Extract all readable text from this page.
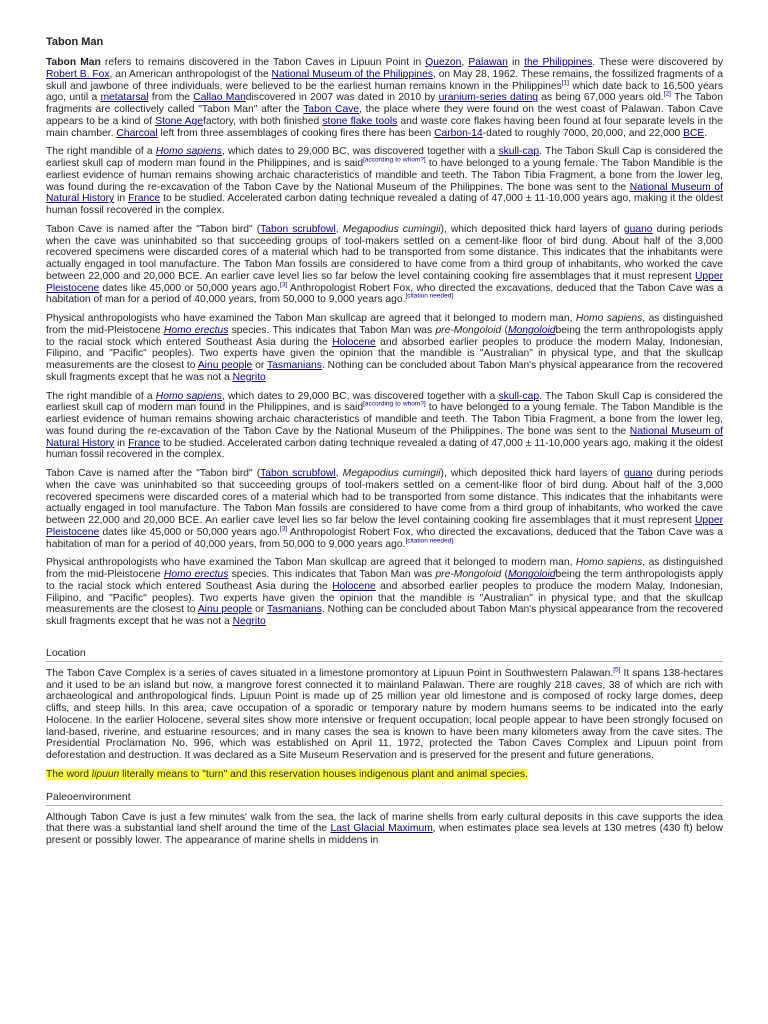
Tabon Man

Tabon Man refers to remains discovered in the Tabon Caves in Lipuun Point in Quezon, Palawan in the Philippines. These were discovered by Robert B. Fox, an American anthropologist of the National Museum of the Philippines, on May 28, 1962. These remains, the fossilized fragments of a skull and jawbone of three individuals, were believed to be the earliest human remains known in the Philippines[1] which date back to 16,500 years ago, until a metatarsal from the Callao Mandiscovered in 2007 was dated in 2010 by uranium-series dating as being 67,000 years old.[2] The Tabon fragments are collectively called "Tabon Man" after the Tabon Cave, the place where they were found on the west coast of Palawan. Tabon Cave appears to be a kind of Stone Agefactory, with both finished stone flake tools and waste core flakes having been found at four separate levels in the main chamber. Charcoal left from three assemblages of cooking fires there has been Carbon-14-dated to roughly 7000, 20,000, and 22,000 BCE.

The right mandible of a Homo sapiens, which dates to 29,000 BC, was discovered together with a skull-cap. The Tabon Skull Cap is considered the earliest skull cap of modern man found in the Philippines, and is said[according to whom?] to have belonged to a young female. The Tabon Mandible is the earliest evidence of human remains showing archaic characteristics of mandible and teeth. The Tabon Tibia Fragment, a bone from the lower leg, was found during the re-excavation of the Tabon Cave by the National Museum of the Philippines. The bone was sent to the National Museum of Natural History in France to be studied. Accelerated carbon dating technique revealed a dating of 47,000 ± 11-10,000 years ago, making it the oldest human fossil recovered in the complex.

Tabon Cave is named after the "Tabon bird" (Tabon scrubfowl, Megapodius cumingii), which deposited thick hard layers of guano during periods when the cave was uninhabited so that succeeding groups of tool-makers settled on a cement-like floor of bird dung. About half of the 3,000 recovered specimens were discarded cores of a material which had to be transported from some distance. This indicates that the inhabitants were actually engaged in tool manufacture. The Tabon Man fossils are considered to have come from a third group of inhabitants, who worked the cave between 22,000 and 20,000 BCE. An earlier cave level lies so far below the level containing cooking fire assemblages that it must represent Upper Pleistocene dates like 45,000 or 50,000 years ago.[3] Anthropologist Robert Fox, who directed the excavations, deduced that the Tabon Cave was a habitation of man for a period of 40,000 years, from 50,000 to 9,000 years ago.[citation needed]

Physical anthropologists who have examined the Tabon Man skullcap are agreed that it belonged to modern man, Homo sapiens, as distinguished from the mid-Pleistocene Homo erectus species. This indicates that Tabon Man was pre-Mongoloid (Mongoloidbeing the term anthropologists apply to the racial stock which entered Southeast Asia during the Holocene and absorbed earlier peoples to produce the modern Malay, Indonesian, Filipino, and "Pacific" peoples). Two experts have given the opinion that the mandible is "Australian" in physical type, and that the skullcap measurements are the closest to Ainu people or Tasmanians. Nothing can be concluded about Tabon Man's physical appearance from the recovered skull fragments except that he was not a Negrito

The right mandible of a Homo sapiens, which dates to 29,000 BC, was discovered together with a skull-cap. The Tabon Skull Cap is considered the earliest skull cap of modern man found in the Philippines, and is said[according to whom?] to have belonged to a young female. The Tabon Mandible is the earliest evidence of human remains showing archaic characteristics of mandible and teeth. The Tabon Tibia Fragment, a bone from the lower leg, was found during the re-excavation of the Tabon Cave by the National Museum of the Philippines. The bone was sent to the National Museum of Natural History in France to be studied. Accelerated carbon dating technique revealed a dating of 47,000 ± 11-10,000 years ago, making it the oldest human fossil recovered in the complex.

Tabon Cave is named after the "Tabon bird" (Tabon scrubfowl, Megapodius cumingii), which deposited thick hard layers of guano during periods when the cave was uninhabited so that succeeding groups of tool-makers settled on a cement-like floor of bird dung. About half of the 3,000 recovered specimens were discarded cores of a material which had to be transported from some distance. This indicates that the inhabitants were actually engaged in tool manufacture. The Tabon Man fossils are considered to have come from a third group of inhabitants, who worked the cave between 22,000 and 20,000 BCE. An earlier cave level lies so far below the level containing cooking fire assemblages that it must represent Upper Pleistocene dates like 45,000 or 50,000 years ago.[3] Anthropologist Robert Fox, who directed the excavations, deduced that the Tabon Cave was a habitation of man for a period of 40,000 years, from 50,000 to 9,000 years ago.[citation needed]

Physical anthropologists who have examined the Tabon Man skullcap are agreed that it belonged to modern man, Homo sapiens, as distinguished from the mid-Pleistocene Homo erectus species. This indicates that Tabon Man was pre-Mongoloid (Mongoloidbeing the term anthropologists apply to the racial stock which entered Southeast Asia during the Holocene and absorbed earlier peoples to produce the modern Malay, Indonesian, Filipino, and "Pacific" peoples). Two experts have given the opinion that the mandible is "Australian" in physical type, and that the skullcap measurements are the closest to Ainu people or Tasmanians. Nothing can be concluded about Tabon Man's physical appearance from the recovered skull fragments except that he was not a Negrito

Location

The Tabon Cave Complex is a series of caves situated in a limestone promontory at Lipuun Point in Southwestern Palawan.[5] It spans 138-hectares and it used to be an island but now, a mangrove forest connected it to mainland Palawan. There are roughly 218 caves, 38 of which are rich with archaeological and anthropological finds. Lipuun Point is made up of 25 million year old limestone and is composed of rocky large domes, deep cliffs, and steep hills. In this area, cave occupation of a sporadic or temporary nature by modern humans seems to be indicated into the early Holocene. In the earlier Holocene, several sites show more intensive or frequent occupation; local people appear to have been strongly focused on land-based, riverine, and estuarine resources; and in many cases the sea is known to have been many kilometers away from the cave sites. The Presidential Proclamation No. 996, which was established on April 11, 1972, protected the Tabon Caves Complex and Lipuun point from deforestation and destruction. It was declared as a Site Museum Reservation and is preserved for the present and future generations.

The word lipuun literally means to "turn" and this reservation houses indigenous plant and animal species.

Paleoenvironment

Although Tabon Cave is just a few minutes' walk from the sea, the lack of marine shells from early cultural deposits in this cave supports the idea that there was a substantial land shelf around the time of the Last Glacial Maximum, when estimates place sea levels at 130 metres (430 ft) below present or possibly lower. The appearance of marine shells in middens in
